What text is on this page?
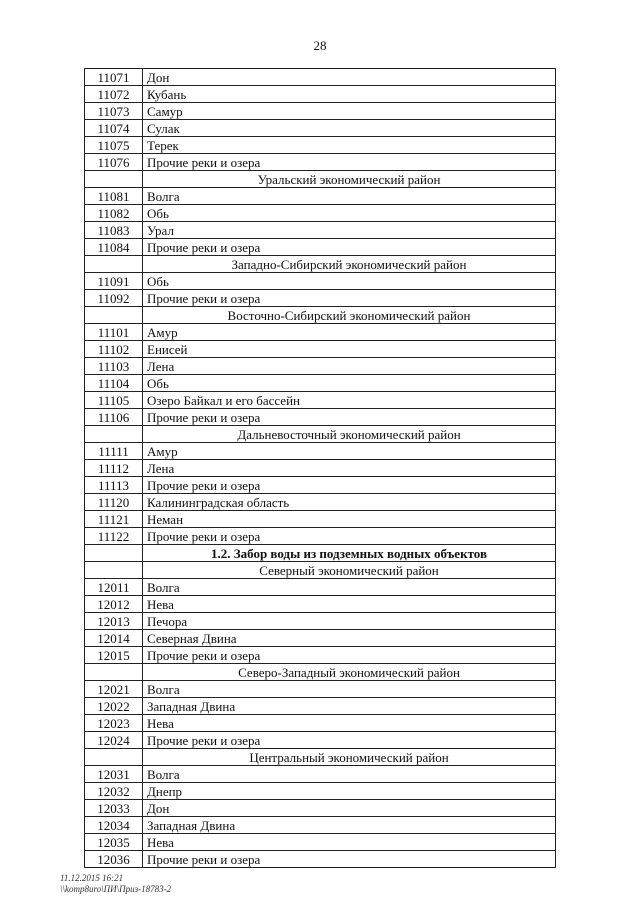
28
11071	Дон
11072	Кубань
11073	Самур
11074	Сулак
11075	Терек
11076	Прочие реки и озера
	Уральский экономический район
11081	Волга
11082	Обь
11083	Урал
11084	Прочие реки и озера
	Западно-Сибирский экономический район
11091	Обь
11092	Прочие реки и озера
	Восточно-Сибирский экономический район
11101	Амур
11102	Енисей
11103	Лена
11104	Обь
11105	Озеро Байкал и его бассейн
11106	Прочие реки и озера
	Дальневосточный экономический район
11111	Амур
11112	Лена
11113	Прочие реки и озера
11120	Калининградская область
11121	Неман
11122	Прочие реки и озера
	1.2. Забор воды из подземных водных объектов
	Северный экономический район
12011	Волга
12012	Нева
12013	Печора
12014	Северная Двина
12015	Прочие реки и озера
	Северо-Западный экономический район
12021	Волга
12022	Западная Двина
12023	Нева
12024	Прочие реки и озера
	Центральный экономический район
12031	Волга
12032	Днепр
12033	Дон
12034	Западная Двина
12035	Нева
12036	Прочие реки и озера
11.12.2015 16:21
\\komp8uro\ПИ\Приз-18783-2
